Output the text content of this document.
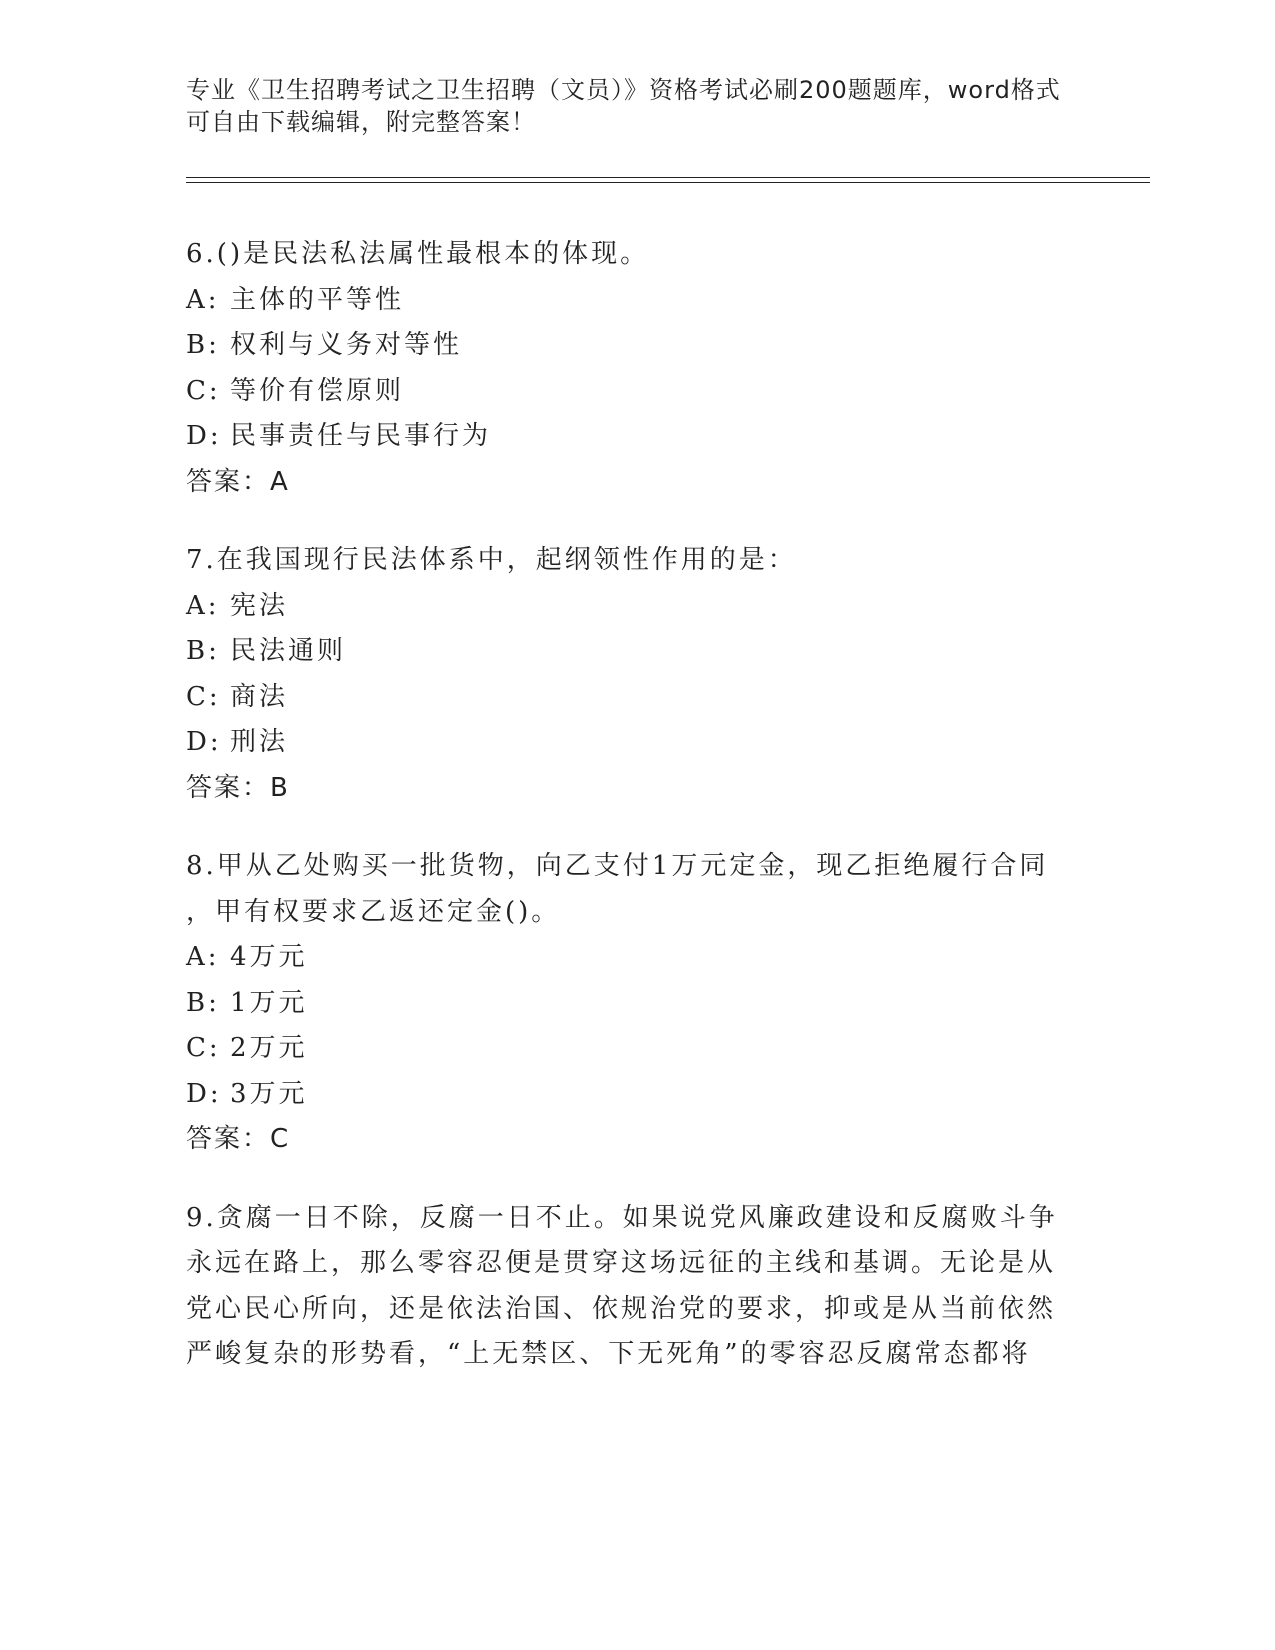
专业《卫生招聘考试之卫生招聘（文员）》资格考试必刷200题题库，word格式
可自由下载编辑，附完整答案！
6.()是民法私法属性最根本的体现。
A: 主体的平等性
B: 权利与义务对等性
C: 等价有偿原则
D: 民事责任与民事行为
答案：A
7.在我国现行民法体系中，起纲领性作用的是：
A: 宪法
B: 民法通则
C: 商法
D: 刑法
答案：B
8.甲从乙处购买一批货物，向乙支付1万元定金，现乙拒绝履行合同
，甲有权要求乙返还定金()。
A: 4万元
B: 1万元
C: 2万元
D: 3万元
答案：C
9.贪腐一日不除，反腐一日不止。如果说党风廉政建设和反腐败斗争
永远在路上，那么零容忍便是贯穿这场远征的主线和基调。无论是从
党心民心所向，还是依法治国、依规治党的要求，抑或是从当前依然
严峻复杂的形势看，“上无禁区、下无死角”的零容忍反腐常态都将
